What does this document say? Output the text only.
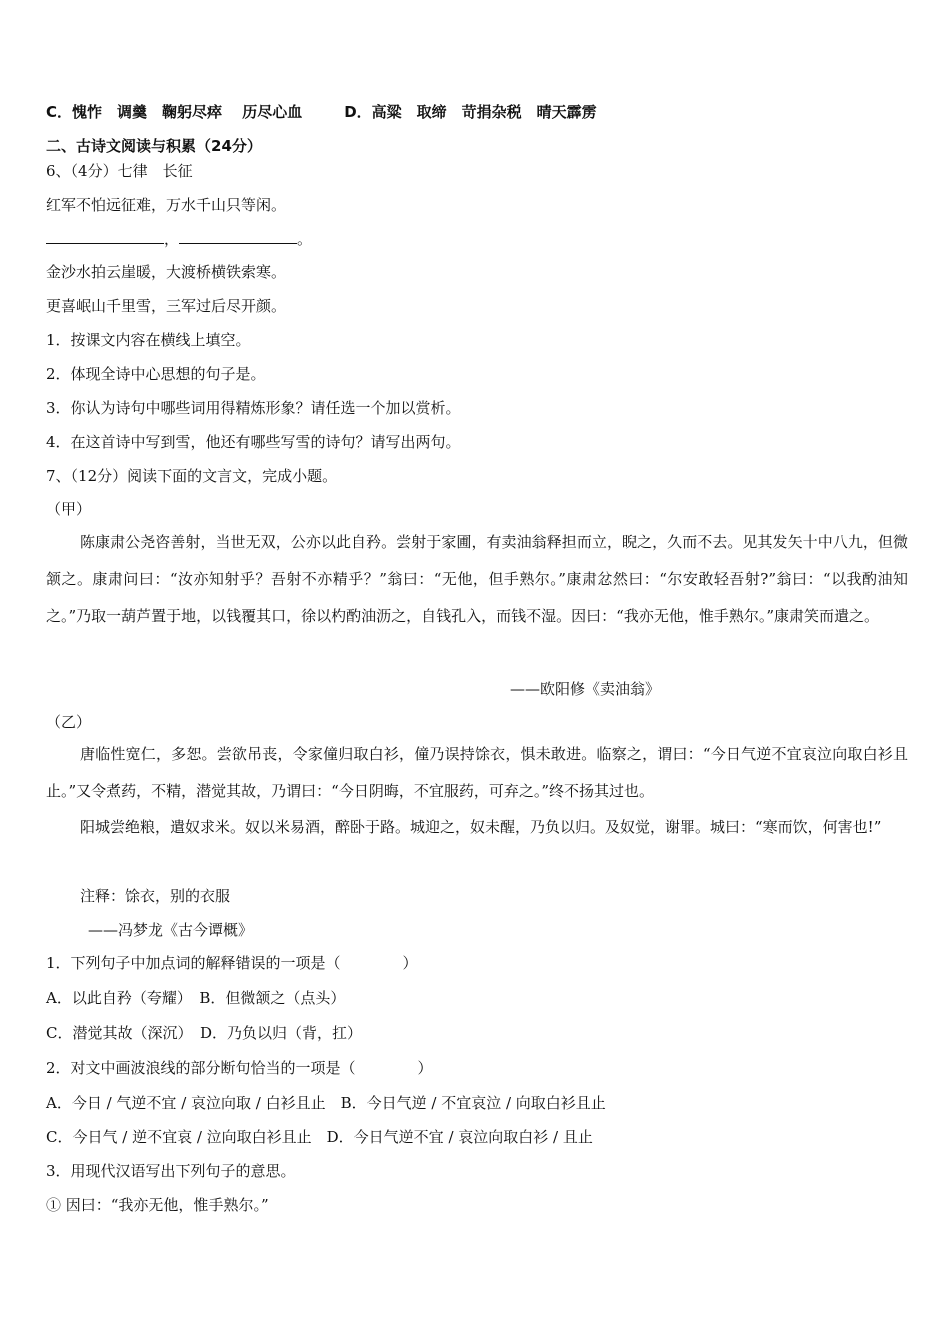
C．愧怍　调羹　鞠躬尽瘁　 历尽心血	D．高粱　取缔　苛捐杂税　晴天霹雳
二、古诗文阅读与积累（24分）
6、（4分）七律　长征
红军不怕远征难，万水千山只等闲。
，	。
金沙水拍云崖暖，大渡桥横铁索寒。
更喜岷山千里雪，三军过后尽开颜。
1．按课文内容在横线上填空。
2．体现全诗中心思想的句子是。
3．你认为诗句中哪些词用得精炼形象？请任选一个加以赏析。
4．在这首诗中写到雪，他还有哪些写雪的诗句？请写出两句。
7、（12分）阅读下面的文言文，完成小题。
（甲）
陈康肃公尧咨善射，当世无双，公亦以此自矜。尝射于家圃，有卖油翁释担而立，睨之，久而不去。见其发矢十中八九，但微颔之。康肃问曰：“汝亦知射乎？吾射不亦精乎？”翁曰：“无他，但手熟尔。”康肃忿然曰：“尔安敢轻吾射?”翁曰：“以我酌油知之。”乃取一葫芦置于地，以钱覆其口，徐以杓酌油沥之，自钱孔入，而钱不湿。因曰：“我亦无他，惟手熟尔。”康肃笑而遣之。
——欧阳修《卖油翁》
（乙）
唐临性宽仁，多恕。尝欲吊丧，令家僮归取白衫，僮乃误持馀衣，惧未敢进。临察之，谓曰：“今日气逆不宜哀泣向取白衫且止。”又令煮药，不精，潜觉其故，乃谓曰：“今日阴晦，不宜服药，可弃之。”终不扬其过也。
阳城尝绝粮，遣奴求米。奴以米易酒，醉卧于路。城迎之，奴未醒，乃负以归。及奴觉，谢罪。城曰：“寒而饮，何害也!”
注释：馀衣，别的衣服
——冯梦龙《古今谭概》
1．下列句子中加点词的解释错误的一项是（	）
A．以此自矜（夸耀）　B．但微颔之（点头）
C．潜觉其故（深沉）　D．乃负以归（背，扛）
2．对文中画波浪线的部分断句恰当的一项是（	）
A．今日 / 气逆不宜 / 哀泣向取 / 白衫且止　B．今日气逆 / 不宜哀泣 / 向取白衫且止
C．今日气 / 逆不宜哀 / 泣向取白衫且止　D．今日气逆不宜 / 哀泣向取白衫 / 且止
3．用现代汉语写出下列句子的意思。
① 因曰：“我亦无他，惟手熟尔。”
